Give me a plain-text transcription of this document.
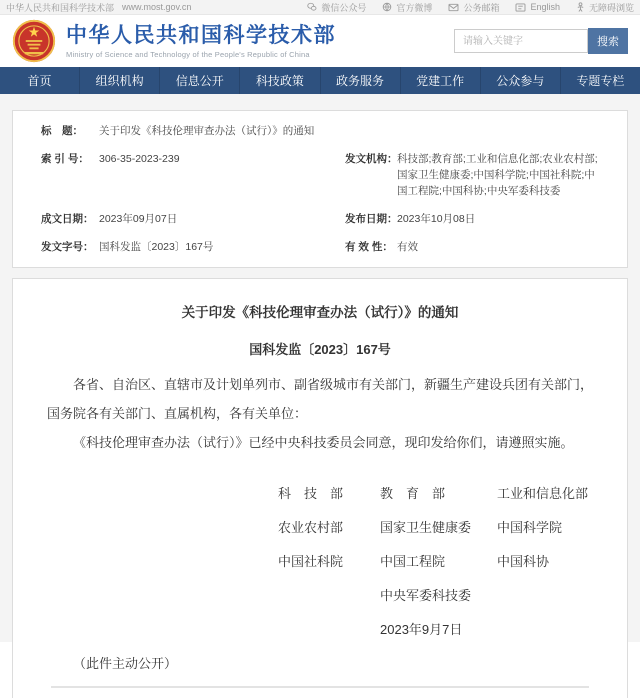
中华人民共和国科学技术部 www.most.gov.cn	微信公众号	官方微博	公务邮箱	English	无障碍浏览
中华人民共和国科学技术部
Ministry of Science and Technology of the People's Republic of China
请输入关键字
搜索
首页	组织机构	信息公开	科技政策	政务服务	党建工作	公众参与	专题专栏
标　题：	关于印发《科技伦理审查办法（试行）》的通知
索 引 号： 306-35-2023-239	发文机构： 科技部;教育部;工业和信息化部;农业农村部;国家卫生健康委;中国科学院;中国社科院;中国工程院;中国科协;中央军委科技委
成文日期： 2023年09月07日	发布日期： 2023年10月08日
发文字号： 国科发监〔2023〕167号	有 效 性： 有效
关于印发《科技伦理审查办法（试行）》的通知
国科发监〔2023〕167号
各省、自治区、直辖市及计划单列市、副省级城市有关部门，新疆生产建设兵团有关部门，国务院各有关部门、直属机构，各有关单位：
《科技伦理审查办法（试行）》已经中央科技委员会同意，现印发给你们，请遵照实施。
科　技　部	教　育　部	工业和信息化部
农业农村部	国家卫生健康委	中国科学院
中国社科院	中国工程院	中国科协
中央军委科技委
2023年9月7日
（此件主动公开）
